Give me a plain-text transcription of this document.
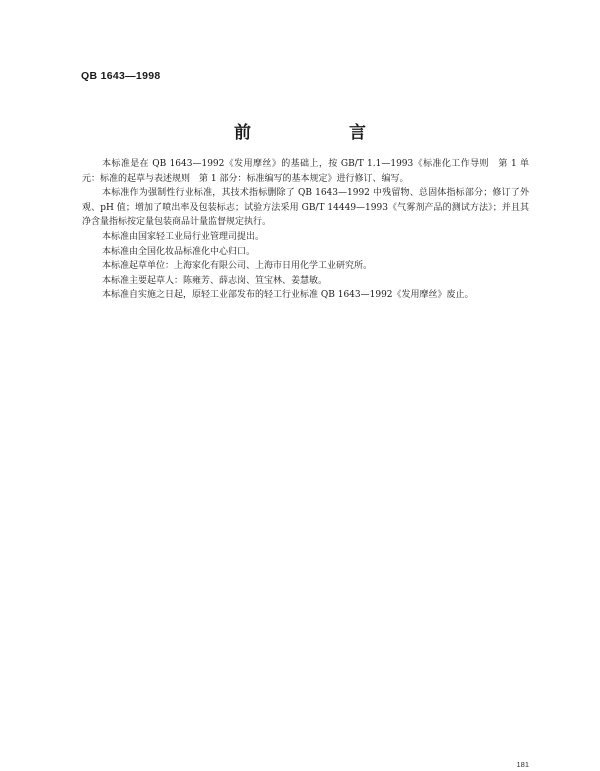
QB 1643—1998
前 言

本标准是在 QB 1643—1992《发用摩丝》的基础上，按 GB/T 1.1—1993《标准化工作导则　第 1 单元：标准的起草与表述规则　第 1 部分：标准编写的基本规定》进行修订、编写。

本标准作为强制性行业标准，其技术指标删除了 QB 1643—1992 中残留物、总固体指标部分；修订了外观、pH 值；增加了喷出率及包装标志；试验方法采用 GB/T 14449—1993《气雾剂产品的测试方法》；并且其净含量指标按定量包装商品计量监督规定执行。

本标准由国家轻工业局行业管理司提出。

本标准由全国化妆品标准化中心归口。

本标准起草单位：上海家化有限公司、上海市日用化学工业研究所。

本标准主要起草人：陈雍芳、薛志岗、笪宝林、姜慧敏。

本标准自实施之日起，原轻工业部发布的轻工行业标准 QB 1643—1992《发用摩丝》废止。

181
